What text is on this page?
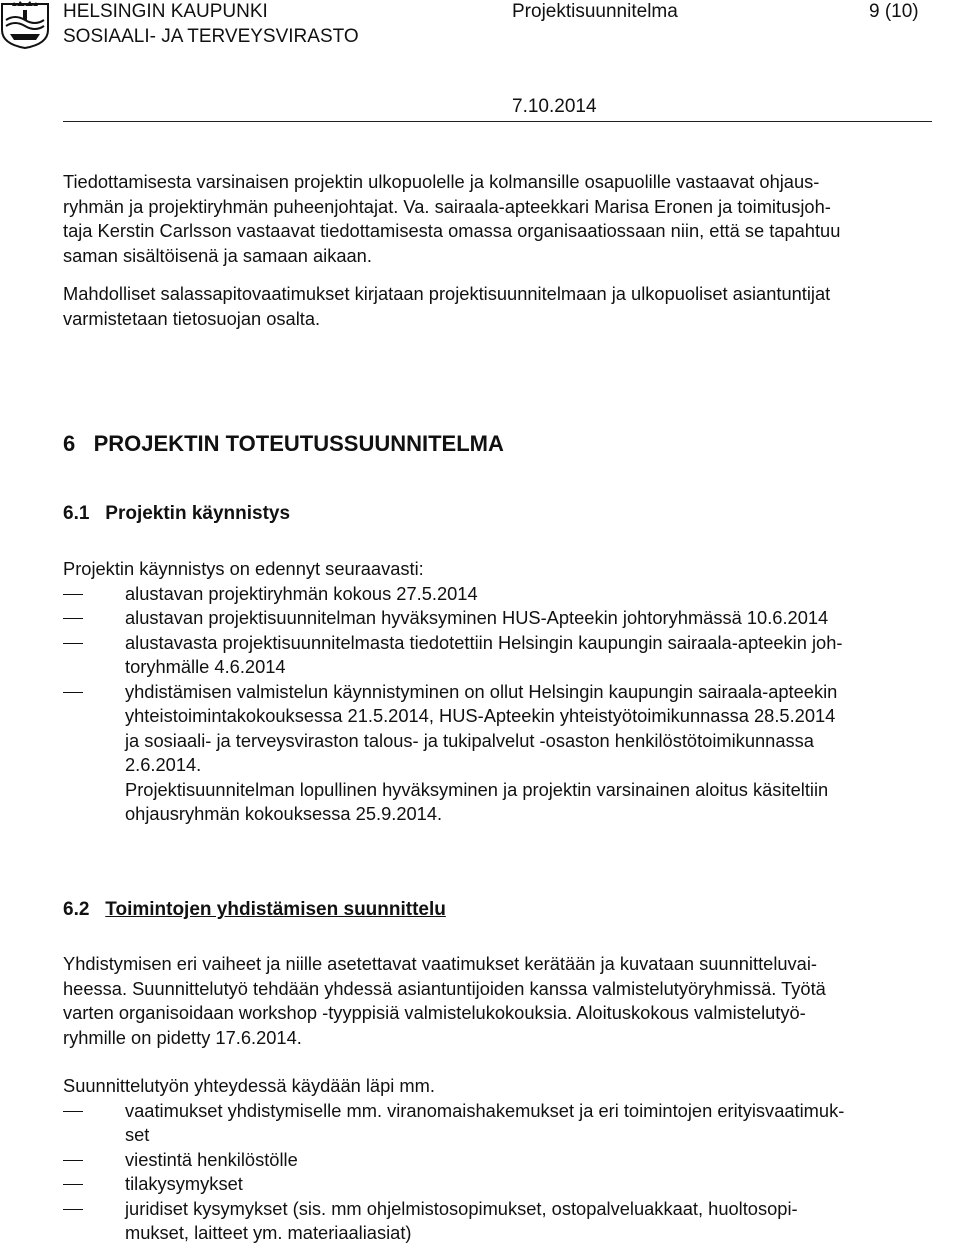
HELSINGIN KAUPUNKI
SOSIAALI- JA TERVEYSVIRASTO
Projektisuunnitelma	9 (10)
7.10.2014

Tiedottamisesta varsinaisen projektin ulkopuolelle ja kolmansille osapuolille vastaavat ohjaus-
ryhmän ja projektiryhmän puheenjohtajat. Va. sairaala-apteekkari Marisa Eronen ja toimitusjoh-
taja Kerstin Carlsson vastaavat tiedottamisesta omassa organisaatiossaan niin, että se tapahtuu
saman sisältöisenä ja samaan aikaan.

Mahdolliset salassapitovaatimukset kirjataan projektisuunnitelmaan ja ulkopuoliset asiantuntijat
varmistetaan tietosuojan osalta.

6 PROJEKTIN TOTEUTUSSUUNNITELMA
6.1 Projektin käynnistys

Projektin käynnistys on edennyt seuraavasti:

alustavan projektiryhmän kokous 27.5.2014
alustavan projektisuunnitelman hyväksyminen HUS-Apteekin johtoryhmässä 10.6.2014
alustavasta projektisuunnitelmasta tiedotettiin Helsingin kaupungin sairaala-apteekin joh-
toryhmälle 4.6.2014
yhdistämisen valmistelun käynnistyminen on ollut Helsingin kaupungin sairaala-apteekin
yhteistoimintakokouksessa 21.5.2014, HUS-Apteekin yhteistyötoimikunnassa 28.5.2014
ja sosiaali- ja terveysviraston talous- ja tukipalvelut -osaston henkilöstötoimikunnassa
2.6.2014.

Projektisuunnitelman lopullinen hyväksyminen ja projektin varsinainen aloitus käsiteltiin
ohjausryhmän kokouksessa 25.9.2014.

6.2 Toimintojen yhdistämisen suunnittelu

Yhdistymisen eri vaiheet ja niille asetettavat vaatimukset kerätään ja kuvataan suunnitteluvai-
heessa. Suunnittelutyö tehdään yhdessä asiantuntijoiden kanssa valmistelutyöryhmissä. Työtä
varten organisoidaan workshop -tyyppisiä valmistelukokouksia. Aloituskokous valmistelutyö-
ryhmille on pidetty 17.6.2014.

Suunnittelutyön yhteydessä käydään läpi mm.

vaatimukset yhdistymiselle mm. viranomaishakemukset ja eri toimintojen erityisvaatimuk-
set
viestintä henkilöstölle
tilakysymykset
juridiset kysymykset (sis. mm ohjelmistosopimukset, ostopalveluakkaat, huoltosopi-
mukset, laitteet ym. materiaaliasiat)
